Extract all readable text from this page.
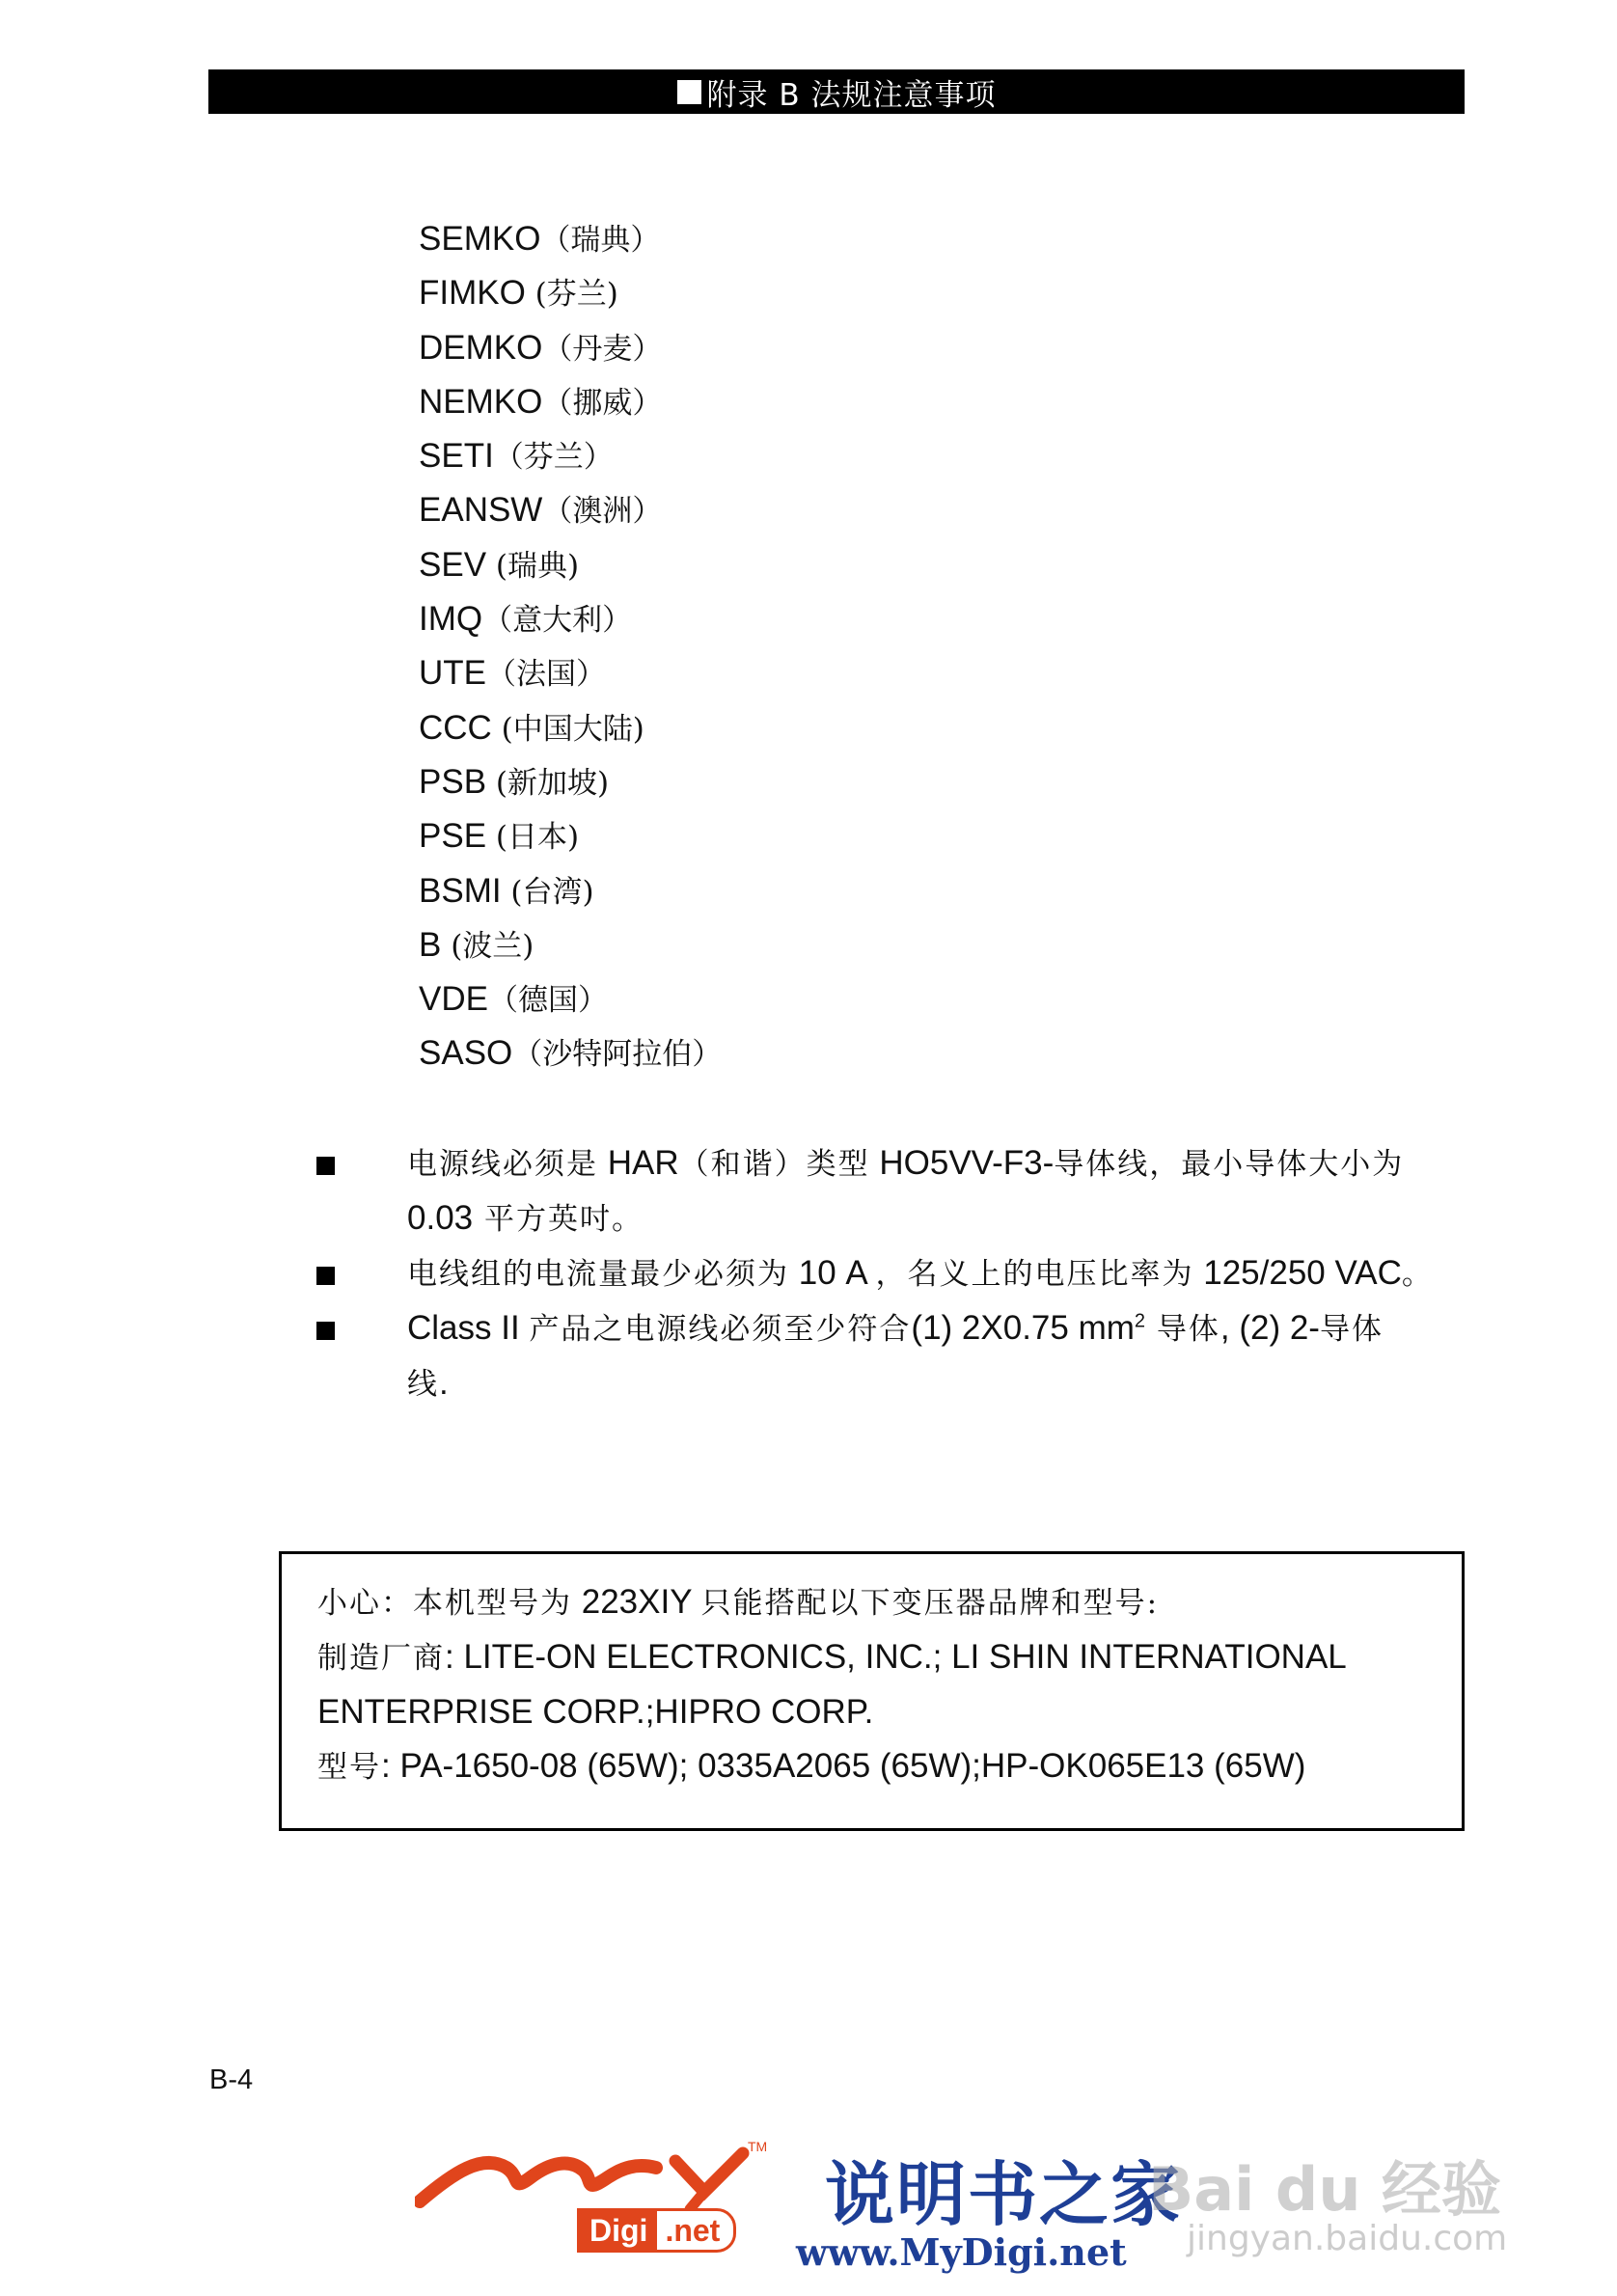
附录 B 法规注意事项
SEMKO（瑞典）
FIMKO (芬兰)
DEMKO（丹麦）
NEMKO（挪威）
SETI（芬兰）
EANSW（澳洲）
SEV (瑞典)
IMQ（意大利）
UTE（法国）
CCC (中国大陆)
PSB (新加坡)
PSE (日本)
BSMI (台湾)
B (波兰)
VDE（德国）
SASO（沙特阿拉伯）
电源线必须是 HAR（和谐）类型 HO5VV-F3-导体线，最小导体大小为
0.03 平方英吋。
电线组的电流量最少必须为 10 A ，名义上的电压比率为 125/250 VAC。
Class II 产品之电源线必须至少符合(1) 2X0.75 $mm^2$ 导体, (2) 2-导体
线.
小心：本机型号为 223XIY 只能搭配以下变压器品牌和型号:
制造厂商: LITE-ON ELECTRONICS, INC.; LI SHIN INTERNATIONAL
ENTERPRISE CORP.;HIPRO CORP.
型号: PA-1650-08 (65W); 0335A2065 (65W);HP-OK065E13 (65W)
B-4
TM
Digi .net 说明书之家
www.MyDigi.net
Bai du 经验
jingyan.baidu.com
